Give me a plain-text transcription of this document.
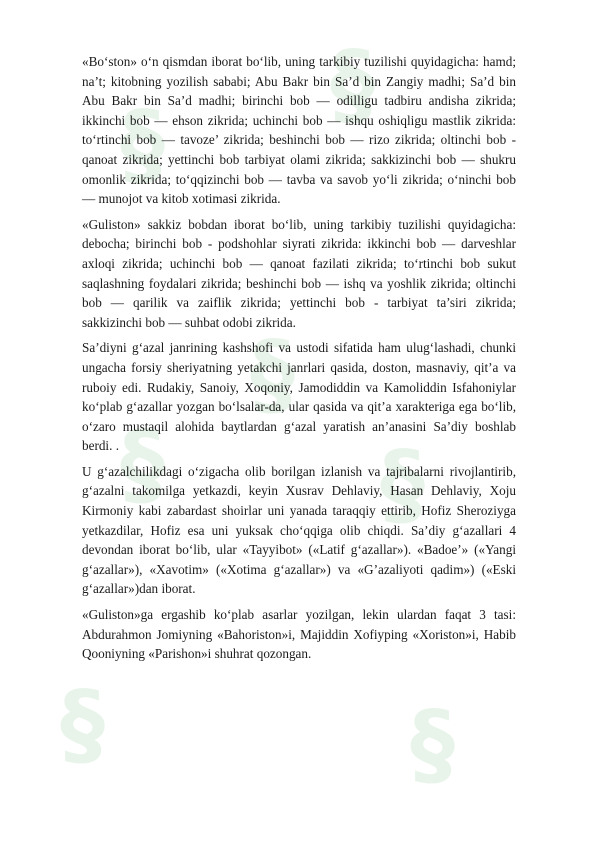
§
§
§
§ §
§	§

«Bo‘ston» o‘n qismdan iborat bo‘lib, uning tarkibiy tuzilishi quyidagicha: hamd; na’t; kitobning yozilish sababi; Abu Bakr bin Sa’d bin Zangiy madhi; Sa’d bin Abu Bakr bin Sa’d madhi; birinchi bob — odilligu tadbiru andisha zikrida; ikkinchi bob — ehson zikrida; uchinchi bob — ishqu oshiqligu mastlik zikrida: to‘rtinchi bob — tavoze’ zikrida; beshinchi bob — rizo zikrida; oltinchi bob - qanoat zikrida; yettinchi bob tarbiyat olami zikrida; sakkizinchi bob — shukru omonlik zikrida; to‘qqizinchi bob — tavba va savob yo‘li zikrida; o‘ninchi bob — munojot va kitob xotimasi zikrida.

«Guliston» sakkiz bobdan iborat bo‘lib, uning tarkibiy tuzilishi quyidagicha: debocha; birinchi bob - podshohlar siyrati zikrida: ikkinchi bob — darveshlar axloqi zikrida; uchinchi bob — qanoat fazilati zikrida; to‘rtinchi bob sukut saqlashning foydalari zikrida; beshinchi bob — ishq va yoshlik zikrida; oltinchi bob — qarilik va zaiflik zikrida; yettinchi bob - tarbiyat ta’siri zikrida; sakkizinchi bob — suhbat odobi zikrida.

Sa’diyni g‘azal janrining kashshofi va ustodi sifatida ham ulug‘lashadi, chunki ungacha forsiy sheriyatning yetakchi janrlari qasida, doston, masnaviy, qit’a va ruboiy edi. Rudakiy, Sanoiy, Xoqoniy, Jamodiddin va Kamoliddin Isfahoniylar ko‘plab g‘azallar yozgan bo‘lsalar-da, ular qasida va qit’a xarakteriga ega bo‘lib, o‘zaro mustaqil alohida baytlardan g‘azal yaratish an’anasini Sa’diy boshlab berdi. .

U g‘azalchilikdagi o‘zigacha olib borilgan izlanish va tajribalarni rivojlantirib, g‘azalni takomilga yetkazdi, keyin Xusrav Dehlaviy, Hasan Dehlaviy, Xoju Kirmoniy kabi zabardast shoirlar uni yanada taraqqiy ettirib, Hofiz Sheroziyga yetkazdilar, Hofiz esa uni yuksak cho‘qqiga olib chiqdi. Sa’diy g‘azallari 4 devondan iborat bo‘lib, ular «Tayyibot» («Latif g‘azallar»). «Badoe’» («Yangi g‘azallar»), «Xavotim» («Xotima g‘azallar») va «G’azaliyoti qadim») («Eski g‘azallar»)dan iborat.

«Guliston»ga ergashib ko‘plab asarlar yozilgan, lekin ulardan faqat 3 tasi: Abdurahmon Jomiyning «Bahoriston»i, Majiddin Xofiyping «Xoriston»i, Habib Qooniyning «Parishon»i shuhrat qozongan.
